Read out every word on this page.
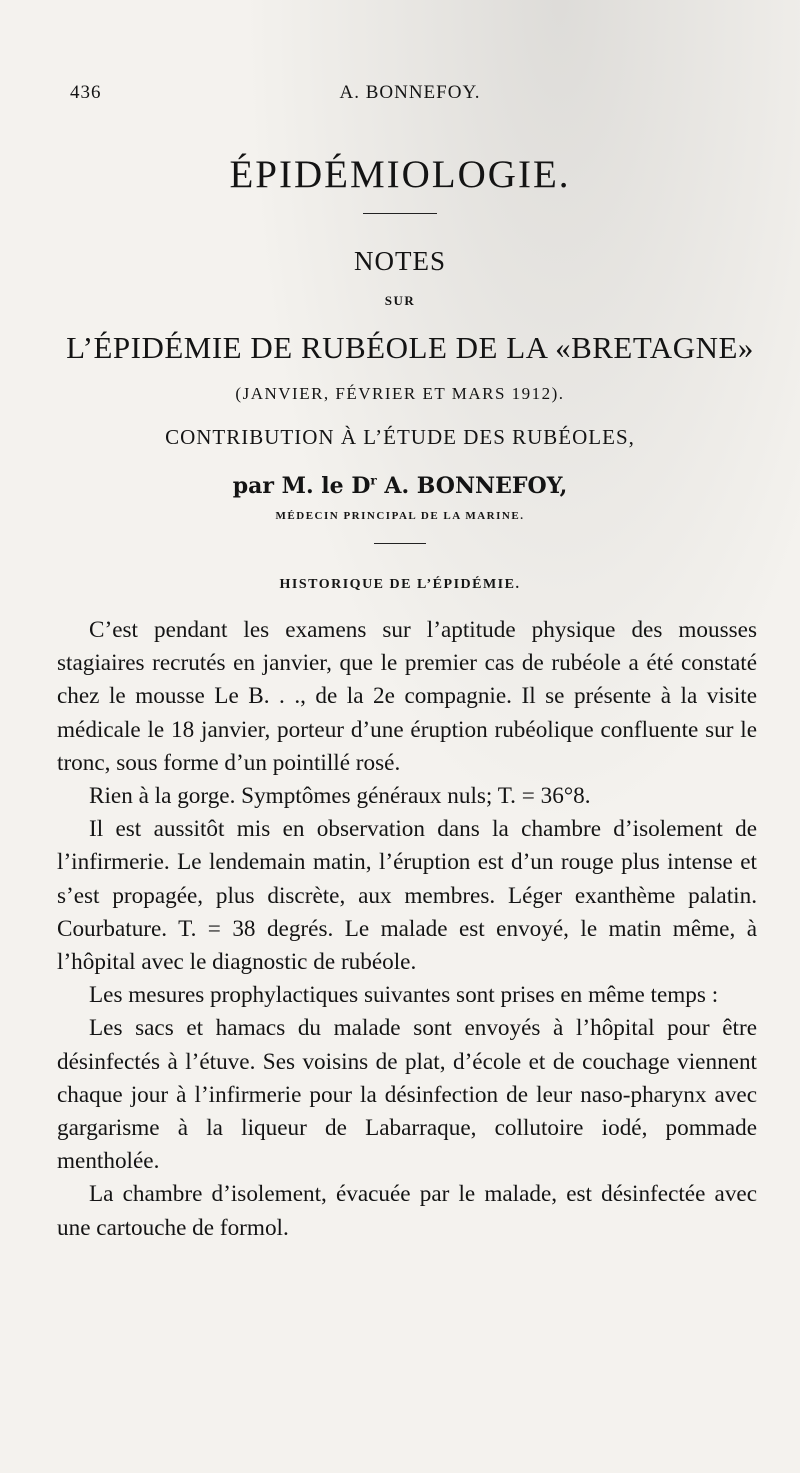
436	A. BONNEFOY.
ÉPIDÉMIOLOGIE.
NOTES
SUR
L’ÉPIDÉMIE DE RUBÉOLE DE LA «BRETAGNE»
(JANVIER, FÉVRIER ET MARS 1912).
CONTRIBUTION À L’ÉTUDE DES RUBÉOLES,
par M. le $D^r$ A. BONNEFOY,
MÉDECIN PRINCIPAL DE LA MARINE.
HISTORIQUE DE L’ÉPIDÉMIE.

C’est pendant les examens sur l’aptitude physique des mousses stagiaires recrutés en janvier, que le premier cas de rubéole a été constaté chez le mousse Le B. . ., de la 2e compagnie. Il se présente à la visite médicale le 18 janvier, porteur d’une éruption rubéolique confluente sur le tronc, sous forme d’un pointillé rosé.

Rien à la gorge. Symptômes généraux nuls; T. = 36°8.

Il est aussitôt mis en observation dans la chambre d’isolement de l’infirmerie. Le lendemain matin, l’éruption est d’un rouge plus intense et s’est propagée, plus discrète, aux membres. Léger exanthème palatin. Courbature. T. = 38 degrés. Le malade est envoyé, le matin même, à l’hôpital avec le diagnostic de rubéole.

Les mesures prophylactiques suivantes sont prises en même temps :

Les sacs et hamacs du malade sont envoyés à l’hôpital pour être désinfectés à l’étuve. Ses voisins de plat, d’école et de couchage viennent chaque jour à l’infirmerie pour la désinfection de leur naso-pharynx avec gargarisme à la liqueur de Labarraque, collutoire iodé, pommade mentholée.

La chambre d’isolement, évacuée par le malade, est désinfectée avec une cartouche de formol.
